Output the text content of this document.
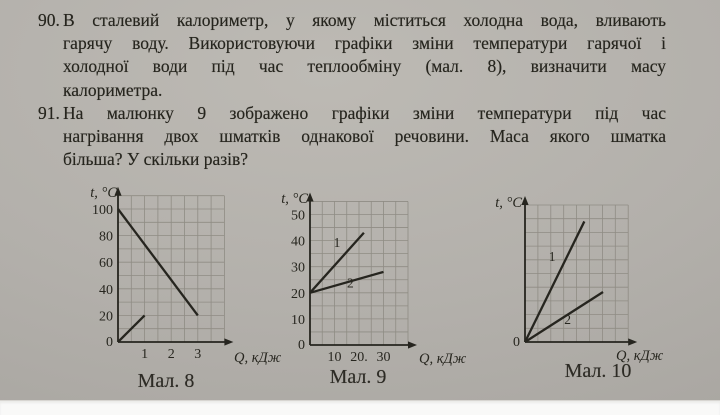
90. В сталевий калориметр, у якому міститься холодна вода, вливають
гарячу воду. Використовуючи графіки зміни температури гарячої і
холодної води під час теплообміну (мал. 8), визначити масу
калориметра.
91. На малюнку 9 зображено графіки зміни температури під час
нагрівання двох шматків однакової речовини. Маса якого шматка
більша? У скільки разів?
0
20
40
60
80
100
1 2 3
t, °С
Q, кДж
0
10
20
30
40
50
10 20. 30
t, °С
Q, кДж
1
2
0
t, °С
Q, кДж
1
2
Мал. 8	Мал. 9	Мал. 10
